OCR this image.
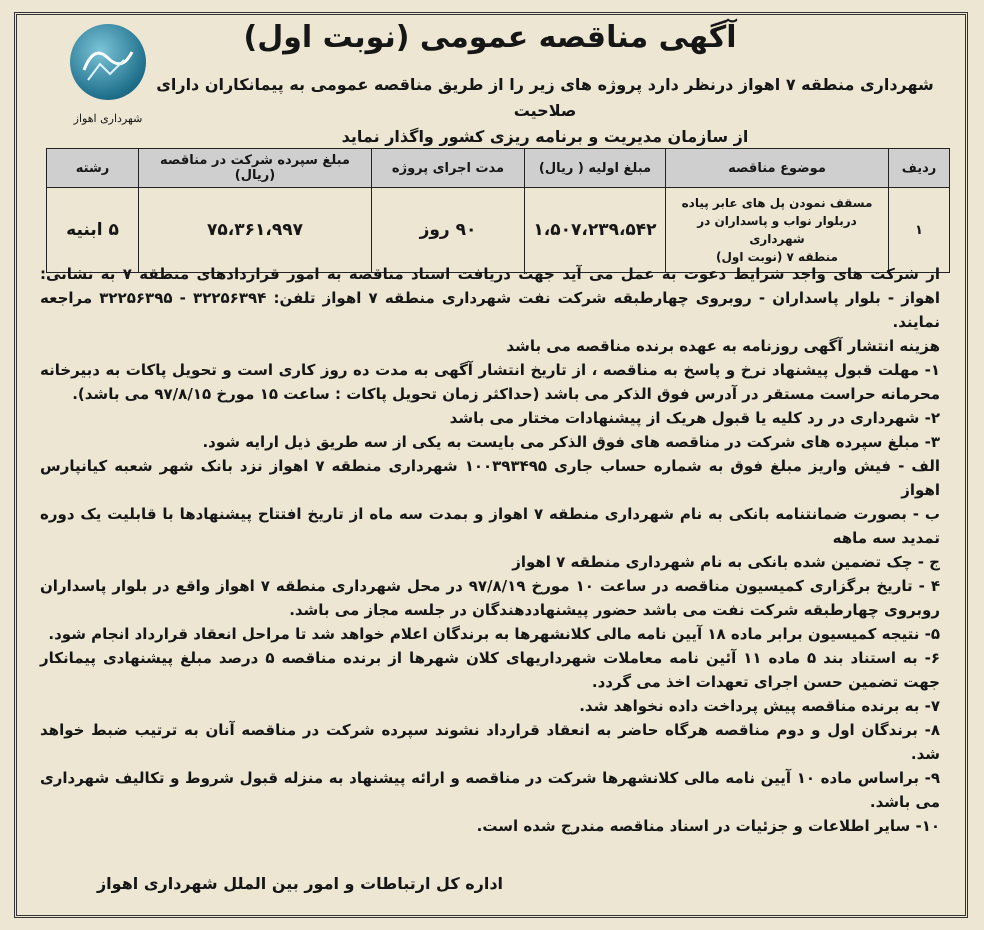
شهرداری اهواز
آگهی مناقصه عمومی (نوبت اول)
شهرداری منطقه ۷ اهواز درنظر دارد پروژه های زیر را از طریق مناقصه عمومی به پیمانکاران دارای صلاحیت
از سازمان مدیریت و برنامه ریزی کشور واگذار نماید
ردیف	موضوع مناقصه	مبلغ اولیه ( ریال)	مدت اجرای پروژه	مبلغ سپرده شرکت در مناقصه (ریال)	رشته
۱	مسقف نمودن پل های عابر پیاده
دربلوار نواب و پاسداران در شهرداری
منطقه ۷ (نوبت اول)	۱،۵۰۷،۲۳۹،۵۴۲	۹۰ روز	۷۵،۳۶۱،۹۹۷	۵ ابنیه

از شرکت های واجد شرایط دعوت به عمل می آید جهت دریافت اسناد مناقصه به امور قراردادهای منطقه ۷ به نشانی: اهواز - بلوار پاسداران - روبروی چهارطبقه شرکت نفت شهرداری منطقه ۷ اهواز تلفن: ۳۲۲۵۶۳۹۴ - ۳۲۲۵۶۳۹۵ مراجعه نمایند.

هزینه انتشار آگهی روزنامه به عهده برنده مناقصه می باشد

۱- مهلت قبول پیشنهاد نرخ و پاسخ به مناقصه ، از تاریخ انتشار آگهی به مدت ده روز کاری است و تحویل پاکات به دبیرخانه محرمانه حراست مستقر در آدرس فوق الذکر می باشد (حداکثر زمان تحویل پاکات : ساعت ۱۵ مورخ ۹۷/۸/۱۵ می باشد).

۲- شهرداری در رد کلیه یا قبول هریک از پیشنهادات مختار می باشد

۳- مبلغ سپرده های شرکت در مناقصه های فوق الذکر می بایست به یکی از سه طریق ذیل ارایه شود.

الف - فیش واریز مبلغ فوق به شماره حساب جاری ۱۰۰۳۹۳۴۹۵ شهرداری منطقه ۷ اهواز نزد بانک شهر شعبه کیانپارس اهواز

ب - بصورت ضمانتنامه بانکی به نام شهرداری منطقه ۷ اهواز و بمدت سه ماه از تاریخ افتتاح پیشنهادها با قابلیت یک دوره تمدید سه ماهه

ج - چک تضمین شده بانکی به نام شهرداری منطقه ۷ اهواز

۴ - تاریخ برگزاری کمیسیون مناقصه در ساعت ۱۰ مورخ ۹۷/۸/۱۹ در محل شهرداری منطقه ۷ اهواز واقع در بلوار پاسداران روبروی چهارطبقه شرکت نفت می باشد حضور پیشنهاددهندگان در جلسه مجاز می باشد.

۵- نتیجه کمیسیون برابر ماده ۱۸ آیین نامه مالی کلانشهرها به برندگان اعلام خواهد شد تا مراحل انعقاد قرارداد انجام شود.

۶- به استناد بند ۵ ماده ۱۱ آئین نامه معاملات شهرداریهای کلان شهرها از برنده مناقصه ۵ درصد مبلغ پیشنهادی پیمانکار جهت تضمین حسن اجرای تعهدات اخذ می گردد.

۷- به برنده مناقصه پیش پرداخت داده نخواهد شد.

۸- برندگان اول و دوم مناقصه هرگاه حاضر به انعقاد قرارداد نشوند سپرده شرکت در مناقصه آنان به ترتیب ضبط خواهد شد.

۹- براساس ماده ۱۰ آیین نامه مالی کلانشهرها شرکت در مناقصه و ارائه پیشنهاد به منزله قبول شروط و تکالیف شهرداری می باشد.

۱۰- سایر اطلاعات و جزئیات در اسناد مناقصه مندرج شده است.

اداره کل ارتباطات و امور بین الملل شهرداری اهواز
